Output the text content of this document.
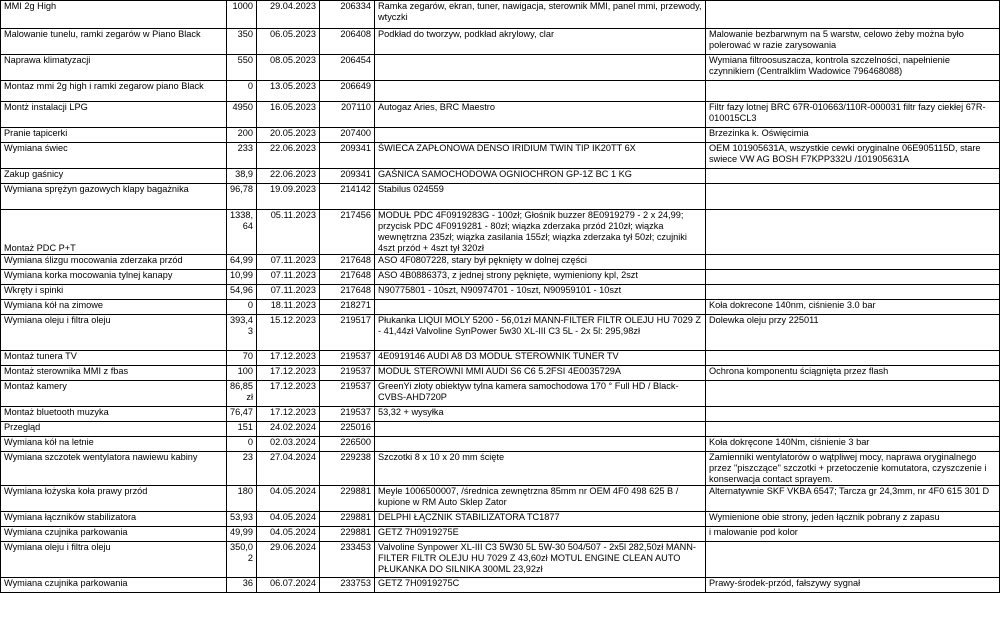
MMI 2g High	1000	29.04.2023	206334	Ramka zegarów, ekran, tuner, nawigacja, sterownik MMI, panel mmi, przewody, wtyczki	
Malowanie tunelu, ramki zegarów w Piano Black	350	06.05.2023	206408	Podkład do tworzyw, podkład akrylowy, clar	Malowanie bezbarwnym na 5 warstw, celowo żeby można było polerować w razie zarysowania
Naprawa klimatyzacji	550	08.05.2023	206454		Wymiana filtroosuszacza, kontrola szczelności, napełnienie czynnikiem (Centralklim Wadowice 796468088)
Montaz mmi 2g high i ramki zegarow piano Black	0	13.05.2023	206649		
Montż instalacji LPG	4950	16.05.2023	207110	Autogaz Aries, BRC Maestro	Filtr fazy lotnej BRC 67R-010663/110R-000031 filtr fazy ciekłej 67R-010015CL3
Pranie tapicerki	200	20.05.2023	207400		Brzezinka k. Oświęcimia
Wymiana świec	233	22.06.2023	209341	ŚWIECA ZAPŁONOWA DENSO IRIDIUM TWIN TIP IK20TT 6X	OEM 101905631A, wszystkie cewki oryginalne 06E905115D, stare swiece VW AG BOSH F7KPP332U /101905631A
Zakup gaśnicy	38,9	22.06.2023	209341	GAŚNICA SAMOCHODOWA OGNIOCHRON GP-1Z BC 1 KG	
Wymiana sprężyn gazowych klapy bagażnika	96,78	19.09.2023	214142	Stabilus 024559	
Montaż PDC P+T	1338,64	05.11.2023	217456	MODUŁ PDC 4F0919283G - 100zł; Głośnik buzzer 8E0919279 - 2 x 24,99; przycisk PDC 4F0919281 - 80zł; wiązka zderzaka przód 210zł; wiązka wewnętrzna 235zł; wiązka zasilania 155zł; wiązka zderzaka tył 50zł; czujniki 4szt przód + 4szt tył 320zł	
Wymiana ślizgu mocowania zderzaka przód	64,99	07.11.2023	217648	ASO 4F0807228, stary był pęknięty w dolnej części	
Wymiana korka mocowania tylnej kanapy	10,99	07.11.2023	217648	ASO 4B0886373, z jednej strony pęknięte, wymieniony kpl, 2szt	
Wkręty i spinki	54,96	07.11.2023	217648	N90775801 - 10szt, N90974701 - 10szt, N90959101 - 10szt	
Wymiana kół na zimowe	0	18.11.2023	218271		Koła dokrecone 140nm, ciśnienie 3.0 bar
Wymiana oleju i filtra oleju	393,43	15.12.2023	219517	Płukanka LIQUI MOLY 5200 - 56,01zł MANN-FILTER FILTR OLEJU HU 7029 Z - 41,44zł Valvoline SynPower 5w30 XL-III C3 5L - 2x 5l: 295,98zł	Dolewka oleju przy 225011
Montaż tunera TV	70	17.12.2023	219537	4E0919146 AUDI A8 D3 MODUŁ STEROWNIK TUNER TV	
Montaż sterownika MMI z fbas	100	17.12.2023	219537	MODUŁ STEROWNI MMI AUDI S6 C6 5.2FSI 4E0035729A	Ochrona komponentu ściągnięta przez flash
Montaż kamery	86,85zł	17.12.2023	219537	GreenYi złoty obiektyw tylna kamera samochodowa 170 ° Full HD / Black-CVBS-AHD720P	
Montaż bluetooth muzyka	76,47	17.12.2023	219537	53,32 + wysyłka	
Przegląd	151	24.02.2024	225016		
Wymiana kół na letnie	0	02.03.2024	226500		Koła dokręcone 140Nm, ciśnienie 3 bar
Wymiana szczotek wentylatora nawiewu kabiny	23	27.04.2024	229238	Szczotki 8 x 10 x 20 mm ścięte	Zamienniki wentylatorów o wątpliwej mocy, naprawa oryginalnego przez "piszczące" szczotki + przetoczenie komutatora, czyszczenie i konserwacja contact sprayem.
Wymiana łożyska koła prawy przód	180	04.05.2024	229881	Meyle 1006500007, /średnica zewnętrzna 85mm nr OEM 4F0 498 625 B / kupione w RM Auto Sklep Zator	Alternatywnie SKF VKBA 6547; Tarcza gr 24,3mm, nr 4F0 615 301 D
Wymiana łączników stabilizatora	53,93	04.05.2024	229881	DELPHI ŁĄCZNIK STABILIZATORA TC1877	Wymienione obie strony, jeden łącznik pobrany z zapasu
Wymiana czujnika parkowania	49,99	04.05.2024	229881	GETZ 7H0919275E	i malowanie pod kolor
Wymiana oleju i filtra oleju	350,02	29.06.2024	233453	Valvoline Synpower XL-III C3 5W30 5L 5W-30 504/507 - 2x5l 282,50zł MANN-FILTER FILTR OLEJU HU 7029 Z 43,60zł MOTUL ENGINE CLEAN AUTO PŁUKANKA DO SILNIKA 300ML 23,92zł	
Wymiana czujnika parkowania	36	06.07.2024	233753	GETZ 7H0919275C	Prawy-środek-przód, fałszywy sygnał
